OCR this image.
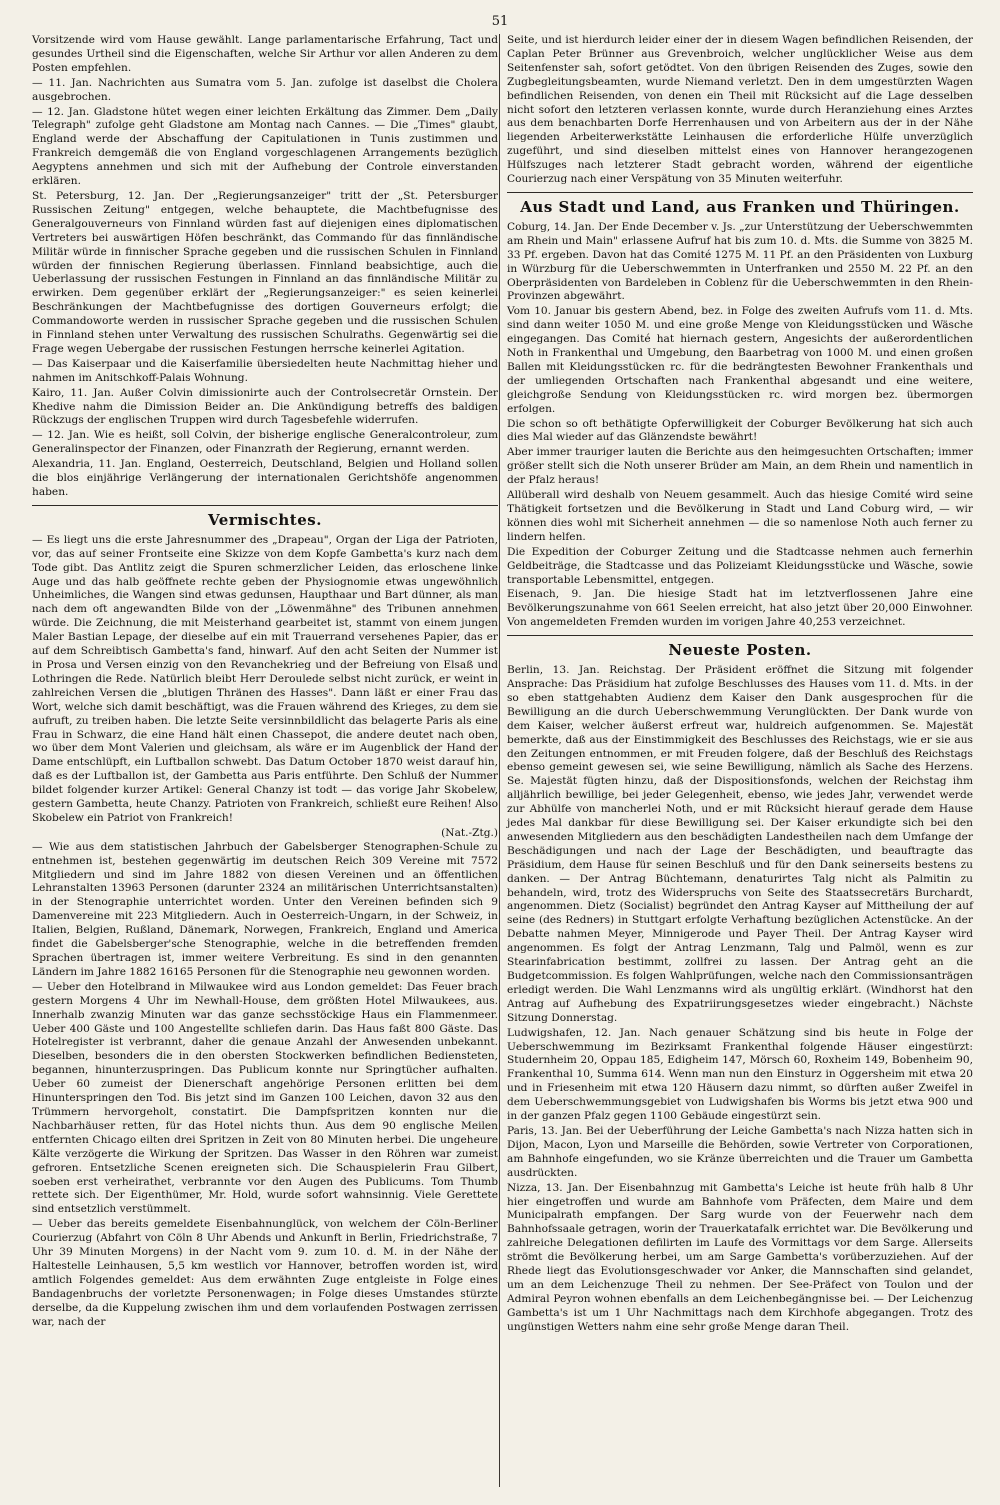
51

Vorsitzende wird vom Hause gewählt. Lange parlamentarische Erfahrung, Tact und gesundes Urtheil sind die Eigenschaften, welche Sir Arthur vor allen Anderen zu dem Posten empfehlen.

— 11. Jan. Nachrichten aus Sumatra vom 5. Jan. zufolge ist daselbst die Cholera ausgebrochen.

— 12. Jan. Gladstone hütet wegen einer leichten Erkältung das Zimmer. Dem „Daily Telegraph" zufolge geht Gladstone am Montag nach Cannes. — Die „Times" glaubt, England werde der Abschaffung der Capitulationen in Tunis zustimmen und Frankreich demgemäß die von England vorgeschlagenen Arrangements bezüglich Aegyptens annehmen und sich mit der Aufhebung der Controle einverstanden erklären.

St. Petersburg, 12. Jan. Der „Regierungsanzeiger" tritt der „St. Petersburger Russischen Zeitung" entgegen, welche behauptete, die Machtbefugnisse des Generalgouverneurs von Finnland würden fast auf diejenigen eines diplomatischen Vertreters bei auswärtigen Höfen beschränkt, das Commando für das finnländische Militär würde in finnischer Sprache gegeben und die russischen Schulen in Finnland würden der finnischen Regierung überlassen. Finnland beabsichtige, auch die Ueberlassung der russischen Festungen in Finnland an das finnländische Militär zu erwirken. Dem gegenüber erklärt der „Regierungsanzeiger:" es seien keinerlei Beschränkungen der Machtbefugnisse des dortigen Gouverneurs erfolgt; die Commandoworte werden in russischer Sprache gegeben und die russischen Schulen in Finnland stehen unter Verwaltung des russischen Schulraths. Gegenwärtig sei die Frage wegen Uebergabe der russischen Festungen herrsche keinerlei Agitation.

— Das Kaiserpaar und die Kaiserfamilie übersiedelten heute Nachmittag hieher und nahmen im Anitschkoff-Palais Wohnung.

Kairo, 11. Jan. Außer Colvin dimissionirte auch der Controlsecretär Ornstein. Der Khedive nahm die Dimission Beider an. Die Ankündigung betreffs des baldigen Rückzugs der englischen Truppen wird durch Tagesbefehle widerrufen.

— 12. Jan. Wie es heißt, soll Colvin, der bisherige englische Generalcontroleur, zum Generalinspector der Finanzen, oder Finanzrath der Regierung, ernannt werden.

Alexandria, 11. Jan. England, Oesterreich, Deutschland, Belgien und Holland sollen die blos einjährige Verlängerung der internationalen Gerichtshöfe angenommen haben.

Vermischtes.

— Es liegt uns die erste Jahresnummer des „Drapeau", Organ der Liga der Patrioten, vor, das auf seiner Frontseite eine Skizze von dem Kopfe Gambetta's kurz nach dem Tode gibt. Das Antlitz zeigt die Spuren schmerzlicher Leiden, das erloschene linke Auge und das halb geöffnete rechte geben der Physiognomie etwas ungewöhnlich Unheimliches, die Wangen sind etwas gedunsen, Haupthaar und Bart dünner, als man nach dem oft angewandten Bilde von der „Löwenmähne" des Tribunen annehmen würde. Die Zeichnung, die mit Meisterhand gearbeitet ist, stammt von einem jungen Maler Bastian Lepage, der dieselbe auf ein mit Trauerrand versehenes Papier, das er auf dem Schreibtisch Gambetta's fand, hinwarf. Auf den acht Seiten der Nummer ist in Prosa und Versen einzig von den Revanchekrieg und der Befreiung von Elsaß und Lothringen die Rede. Natürlich bleibt Herr Deroulede selbst nicht zurück, er weint in zahlreichen Versen die „blutigen Thränen des Hasses". Dann läßt er einer Frau das Wort, welche sich damit beschäftigt, was die Frauen während des Krieges, zu dem sie aufruft, zu treiben haben. Die letzte Seite versinnbildlicht das belagerte Paris als eine Frau in Schwarz, die eine Hand hält einen Chassepot, die andere deutet nach oben, wo über dem Mont Valerien und gleichsam, als wäre er im Augenblick der Hand der Dame entschlüpft, ein Luftballon schwebt. Das Datum October 1870 weist darauf hin, daß es der Luftballon ist, der Gambetta aus Paris entführte. Den Schluß der Nummer bildet folgender kurzer Artikel: General Chanzy ist todt — das vorige Jahr Skobelew, gestern Gambetta, heute Chanzy. Patrioten von Frankreich, schließt eure Reihen! Also Skobelew ein Patriot von Frankreich!

(Nat.-Ztg.)

— Wie aus dem statistischen Jahrbuch der Gabelsberger Stenographen-Schule zu entnehmen ist, bestehen gegenwärtig im deutschen Reich 309 Vereine mit 7572 Mitgliedern und sind im Jahre 1882 von diesen Vereinen und an öffentlichen Lehranstalten 13963 Personen (darunter 2324 an militärischen Unterrichtsanstalten) in der Stenographie unterrichtet worden. Unter den Vereinen befinden sich 9 Damenvereine mit 223 Mitgliedern. Auch in Oesterreich-Ungarn, in der Schweiz, in Italien, Belgien, Rußland, Dänemark, Norwegen, Frankreich, England und America findet die Gabelsberger'sche Stenographie, welche in die betreffenden fremden Sprachen übertragen ist, immer weitere Verbreitung. Es sind in den genannten Ländern im Jahre 1882 16165 Personen für die Stenographie neu gewonnen worden.

— Ueber den Hotelbrand in Milwaukee wird aus London gemeldet: Das Feuer brach gestern Morgens 4 Uhr im Newhall-House, dem größten Hotel Milwaukees, aus. Innerhalb zwanzig Minuten war das ganze sechsstöckige Haus ein Flammenmeer. Ueber 400 Gäste und 100 Angestellte schliefen darin. Das Haus faßt 800 Gäste. Das Hotelregister ist verbrannt, daher die genaue Anzahl der Anwesenden unbekannt. Dieselben, besonders die in den obersten Stockwerken befindlichen Bediensteten, begannen, hinunterzuspringen. Das Publicum konnte nur Springtücher aufhalten. Ueber 60 zumeist der Dienerschaft angehörige Personen erlitten bei dem Hinunterspringen den Tod. Bis jetzt sind im Ganzen 100 Leichen, davon 32 aus den Trümmern hervorgeholt, constatirt. Die Dampfspritzen konnten nur die Nachbarhäuser retten, für das Hotel nichts thun. Aus dem 90 englische Meilen entfernten Chicago eilten drei Spritzen in Zeit von 80 Minuten herbei. Die ungeheure Kälte verzögerte die Wirkung der Spritzen. Das Wasser in den Röhren war zumeist gefroren. Entsetzliche Scenen ereigneten sich. Die Schauspielerin Frau Gilbert, soeben erst verheirathet, verbrannte vor den Augen des Publicums. Tom Thumb rettete sich. Der Eigenthümer, Mr. Hold, wurde sofort wahnsinnig. Viele Gerettete sind entsetzlich verstümmelt.

— Ueber das bereits gemeldete Eisenbahnunglück, von welchem der Cöln-Berliner Courierzug (Abfahrt von Cöln 8 Uhr Abends und Ankunft in Berlin, Friedrichstraße, 7 Uhr 39 Minuten Morgens) in der Nacht vom 9. zum 10. d. M. in der Nähe der Haltestelle Leinhausen, 5,5 km westlich vor Hannover, betroffen worden ist, wird amtlich Folgendes gemeldet: Aus dem erwähnten Zuge entgleiste in Folge eines Bandagenbruchs der vorletzte Personenwagen; in Folge dieses Umstandes stürzte derselbe, da die Kuppelung zwischen ihm und dem vorlaufenden Postwagen zerrissen war, nach der

Seite, und ist hierdurch leider einer der in diesem Wagen befindlichen Reisenden, der Caplan Peter Brünner aus Grevenbroich, welcher unglücklicher Weise aus dem Seitenfenster sah, sofort getödtet. Von den übrigen Reisenden des Zuges, sowie den Zugbegleitungsbeamten, wurde Niemand verletzt. Den in dem umgestürzten Wagen befindlichen Reisenden, von denen ein Theil mit Rücksicht auf die Lage desselben nicht sofort den letzteren verlassen konnte, wurde durch Heranziehung eines Arztes aus dem benachbarten Dorfe Herrenhausen und von Arbeitern aus der in der Nähe liegenden Arbeiterwerkstätte Leinhausen die erforderliche Hülfe unverzüglich zugeführt, und sind dieselben mittelst eines von Hannover herangezogenen Hülfszuges nach letzterer Stadt gebracht worden, während der eigentliche Courierzug nach einer Verspätung von 35 Minuten weiterfuhr.

Aus Stadt und Land, aus Franken und Thüringen.

Coburg, 14. Jan. Der Ende December v. Js. „zur Unterstützung der Ueberschwemmten am Rhein und Main" erlassene Aufruf hat bis zum 10. d. Mts. die Summe von 3825 M. 33 Pf. ergeben. Davon hat das Comité 1275 M. 11 Pf. an den Präsidenten von Luxburg in Würzburg für die Ueberschwemmten in Unterfranken und 2550 M. 22 Pf. an den Oberpräsidenten von Bardeleben in Coblenz für die Ueberschwemmten in den Rhein-Provinzen abgewährt.

Vom 10. Januar bis gestern Abend, bez. in Folge des zweiten Aufrufs vom 11. d. Mts. sind dann weiter 1050 M. und eine große Menge von Kleidungsstücken und Wäsche eingegangen. Das Comité hat hiernach gestern, Angesichts der außerordentlichen Noth in Frankenthal und Umgebung, den Baarbetrag von 1000 M. und einen großen Ballen mit Kleidungsstücken rc. für die bedrängtesten Bewohner Frankenthals und der umliegenden Ortschaften nach Frankenthal abgesandt und eine weitere, gleichgroße Sendung von Kleidungsstücken rc. wird morgen bez. übermorgen erfolgen.

Die schon so oft bethätigte Opferwilligkeit der Coburger Bevölkerung hat sich auch dies Mal wieder auf das Glänzendste bewährt!

Aber immer trauriger lauten die Berichte aus den heimgesuchten Ortschaften; immer größer stellt sich die Noth unserer Brüder am Main, an dem Rhein und namentlich in der Pfalz heraus!

Allüberall wird deshalb von Neuem gesammelt. Auch das hiesige Comité wird seine Thätigkeit fortsetzen und die Bevölkerung in Stadt und Land Coburg wird, — wir können dies wohl mit Sicherheit annehmen — die so namenlose Noth auch ferner zu lindern helfen.

Die Expedition der Coburger Zeitung und die Stadtcasse nehmen auch fernerhin Geldbeiträge, die Stadtcasse und das Polizeiamt Kleidungsstücke und Wäsche, sowie transportable Lebensmittel, entgegen.

Eisenach, 9. Jan. Die hiesige Stadt hat im letztverflossenen Jahre eine Bevölkerungszunahme von 661 Seelen erreicht, hat also jetzt über 20,000 Einwohner. Von angemeldeten Fremden wurden im vorigen Jahre 40,253 verzeichnet.

Neueste Posten.

Berlin, 13. Jan. Reichstag. Der Präsident eröffnet die Sitzung mit folgender Ansprache: Das Präsidium hat zufolge Beschlusses des Hauses vom 11. d. Mts. in der so eben stattgehabten Audienz dem Kaiser den Dank ausgesprochen für die Bewilligung an die durch Ueberschwemmung Verunglückten. Der Dank wurde von dem Kaiser, welcher äußerst erfreut war, huldreich aufgenommen. Se. Majestät bemerkte, daß aus der Einstimmigkeit des Beschlusses des Reichstags, wie er sie aus den Zeitungen entnommen, er mit Freuden folgere, daß der Beschluß des Reichstags ebenso gemeint gewesen sei, wie seine Bewilligung, nämlich als Sache des Herzens. Se. Majestät fügten hinzu, daß der Dispositionsfonds, welchen der Reichstag ihm alljährlich bewillige, bei jeder Gelegenheit, ebenso, wie jedes Jahr, verwendet werde zur Abhülfe von mancherlei Noth, und er mit Rücksicht hierauf gerade dem Hause jedes Mal dankbar für diese Bewilligung sei. Der Kaiser erkundigte sich bei den anwesenden Mitgliedern aus den beschädigten Landestheilen nach dem Umfange der Beschädigungen und nach der Lage der Beschädigten, und beauftragte das Präsidium, dem Hause für seinen Beschluß und für den Dank seinerseits bestens zu danken. — Der Antrag Büchtemann, denaturirtes Talg nicht als Palmitin zu behandeln, wird, trotz des Widerspruchs von Seite des Staatssecretärs Burchardt, angenommen. Dietz (Socialist) begründet den Antrag Kayser auf Mittheilung der auf seine (des Redners) in Stuttgart erfolgte Verhaftung bezüglichen Actenstücke. An der Debatte nahmen Meyer, Minnigerode und Payer Theil. Der Antrag Kayser wird angenommen. Es folgt der Antrag Lenzmann, Talg und Palmöl, wenn es zur Stearinfabrication bestimmt, zollfrei zu lassen. Der Antrag geht an die Budgetcommission. Es folgen Wahlprüfungen, welche nach den Commissionsanträgen erledigt werden. Die Wahl Lenzmanns wird als ungültig erklärt. (Windhorst hat den Antrag auf Aufhebung des Expatriirungsgesetzes wieder eingebracht.) Nächste Sitzung Donnerstag.

Ludwigshafen, 12. Jan. Nach genauer Schätzung sind bis heute in Folge der Ueberschwemmung im Bezirksamt Frankenthal folgende Häuser eingestürzt: Studernheim 20, Oppau 185, Edigheim 147, Mörsch 60, Roxheim 149, Bobenheim 90, Frankenthal 10, Summa 614. Wenn man nun den Einsturz in Oggersheim mit etwa 20 und in Friesenheim mit etwa 120 Häusern dazu nimmt, so dürften außer Zweifel in dem Ueberschwemmungsgebiet von Ludwigshafen bis Worms bis jetzt etwa 900 und in der ganzen Pfalz gegen 1100 Gebäude eingestürzt sein.

Paris, 13. Jan. Bei der Ueberführung der Leiche Gambetta's nach Nizza hatten sich in Dijon, Macon, Lyon und Marseille die Behörden, sowie Vertreter von Corporationen, am Bahnhofe eingefunden, wo sie Kränze überreichten und die Trauer um Gambetta ausdrückten.

Nizza, 13. Jan. Der Eisenbahnzug mit Gambetta's Leiche ist heute früh halb 8 Uhr hier eingetroffen und wurde am Bahnhofe vom Präfecten, dem Maire und dem Municipalrath empfangen. Der Sarg wurde von der Feuerwehr nach dem Bahnhofssaale getragen, worin der Trauerkatafalk errichtet war. Die Bevölkerung und zahlreiche Delegationen defilirten im Laufe des Vormittags vor dem Sarge. Allerseits strömt die Bevölkerung herbei, um am Sarge Gambetta's vorüberzuziehen. Auf der Rhede liegt das Evolutionsgeschwader vor Anker, die Mannschaften sind gelandet, um an dem Leichenzuge Theil zu nehmen. Der See-Präfect von Toulon und der Admiral Peyron wohnen ebenfalls an dem Leichenbegängnisse bei. — Der Leichenzug Gambetta's ist um 1 Uhr Nachmittags nach dem Kirchhofe abgegangen. Trotz des ungünstigen Wetters nahm eine sehr große Menge daran Theil.
